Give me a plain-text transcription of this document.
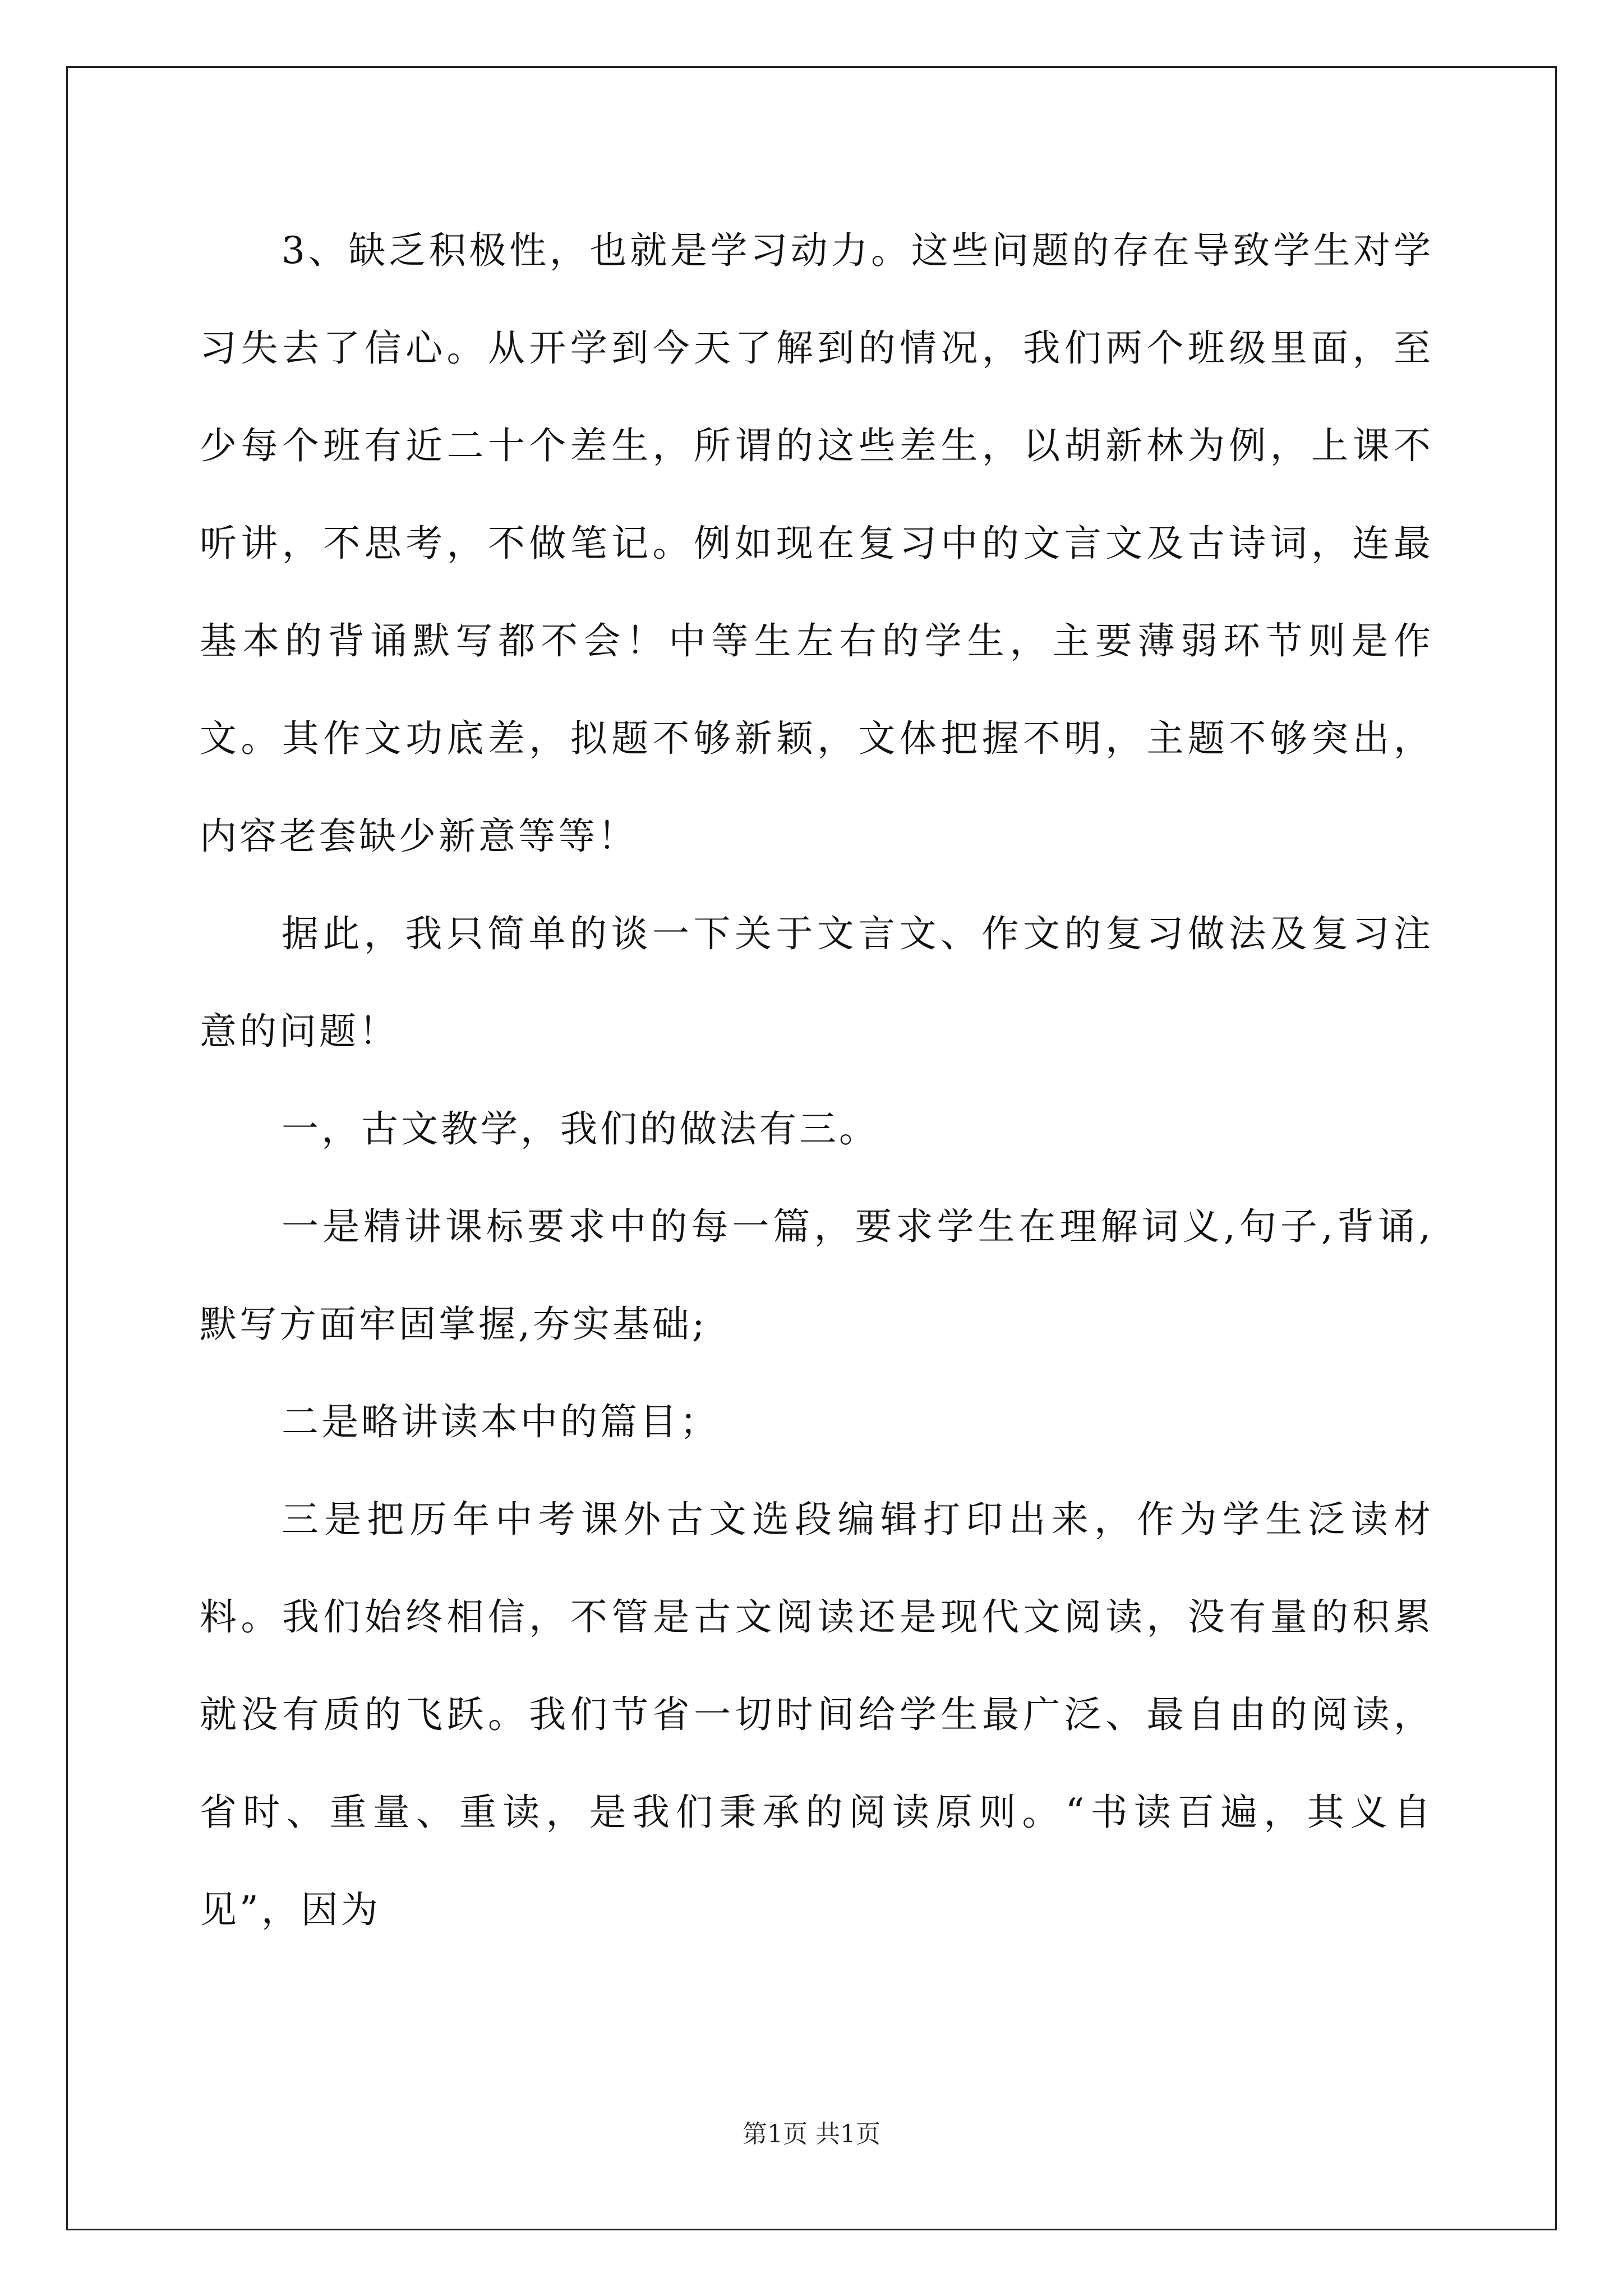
3、缺乏积极性，也就是学习动力。这些问题的存在导致学生对学习失去了信心。从开学到今天了解到的情况，我们两个班级里面，至少每个班有近二十个差生，所谓的这些差生，以胡新林为例，上课不听讲，不思考，不做笔记。例如现在复习中的文言文及古诗词，连最基本的背诵默写都不会！中等生左右的学生，主要薄弱环节则是作文。其作文功底差，拟题不够新颖，文体把握不明，主题不够突出，内容老套缺少新意等等！

据此，我只简单的谈一下关于文言文、作文的复习做法及复习注意的问题！

一，古文教学，我们的做法有三。

一是精讲课标要求中的每一篇，要求学生在理解词义,句子,背诵,默写方面牢固掌握,夯实基础;

二是略讲读本中的篇目；

三是把历年中考课外古文选段编辑打印出来，作为学生泛读材料。我们始终相信，不管是古文阅读还是现代文阅读，没有量的积累就没有质的飞跃。我们节省一切时间给学生最广泛、最自由的阅读，省时、重量、重读，是我们秉承的阅读原则。“书读百遍，其义自见”，因为

第1页 共1页
